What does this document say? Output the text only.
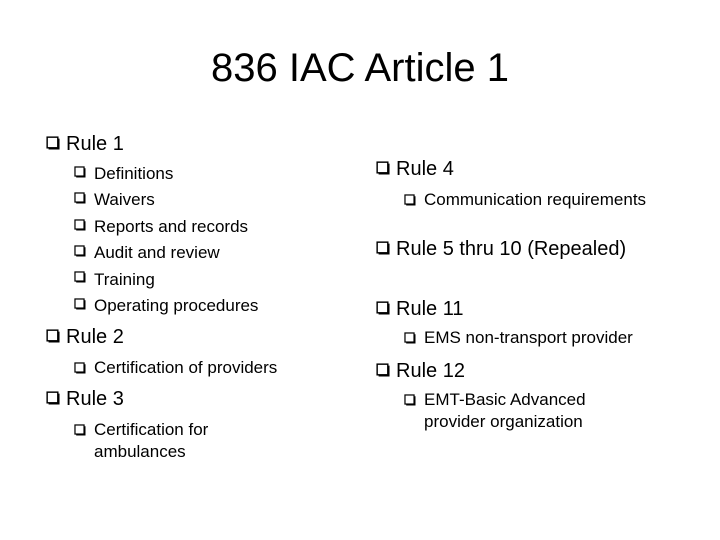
836 IAC Article 1
Rule 1
Definitions
Waivers
Reports and records
Audit and review
Training
Operating procedures
Rule 2
Certification of providers
Rule 3
Certification for ambulances
Rule 4
Communication requirements
Rule 5 thru 10 (Repealed)
Rule 11
EMS non-transport provider
Rule 12
EMT-Basic Advanced provider organization
